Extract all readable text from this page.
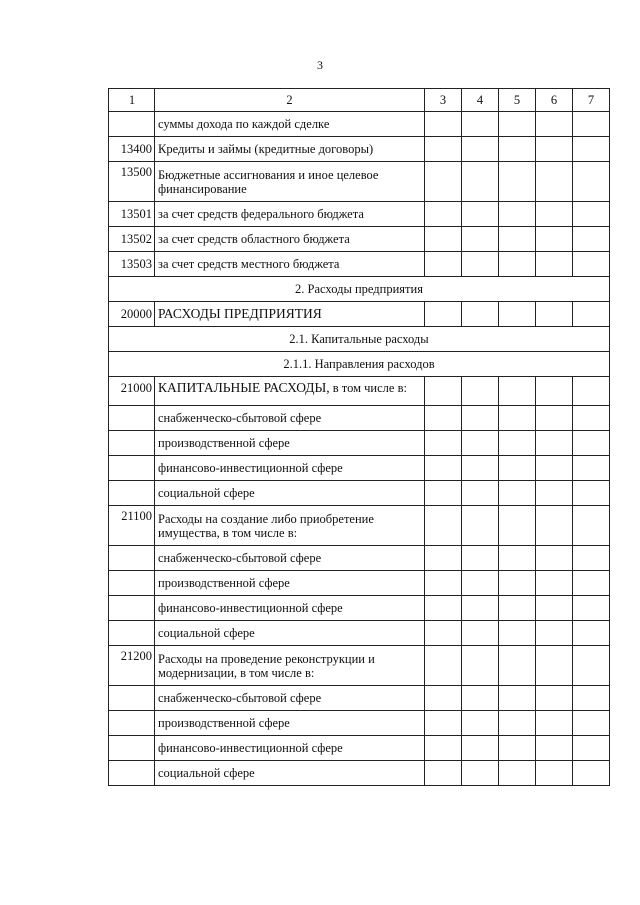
3
1	2	3	4	5	6	7
	суммы дохода по каждой сделке					
13400	Кредиты и займы (кредитные договоры)					
13500	Бюджетные ассигнования и иное целевое финансирование					
13501	за счет средств федерального бюджета					
13502	за счет средств областного бюджета					
13503	за счет средств местного бюджета					
2. Расходы предприятия						
20000	РАСХОДЫ ПРЕДПРИЯТИЯ					
2.1. Капитальные расходы						
2.1.1. Направления расходов						
21000	КАПИТАЛЬНЫЕ РАСХОДЫ, в том числе в:					
	снабженческо-сбытовой сфере					
	производственной сфере					
	финансово-инвестиционной сфере					
	социальной сфере					
21100	Расходы на создание либо приобретение имущества, в том числе в:					
	снабженческо-сбытовой сфере					
	производственной сфере					
	финансово-инвестиционной сфере					
	социальной сфере					
21200	Расходы на проведение реконструкции и модернизации, в том числе в:					
	снабженческо-сбытовой сфере					
	производственной сфере					
	финансово-инвестиционной сфере					
	социальной сфере					
